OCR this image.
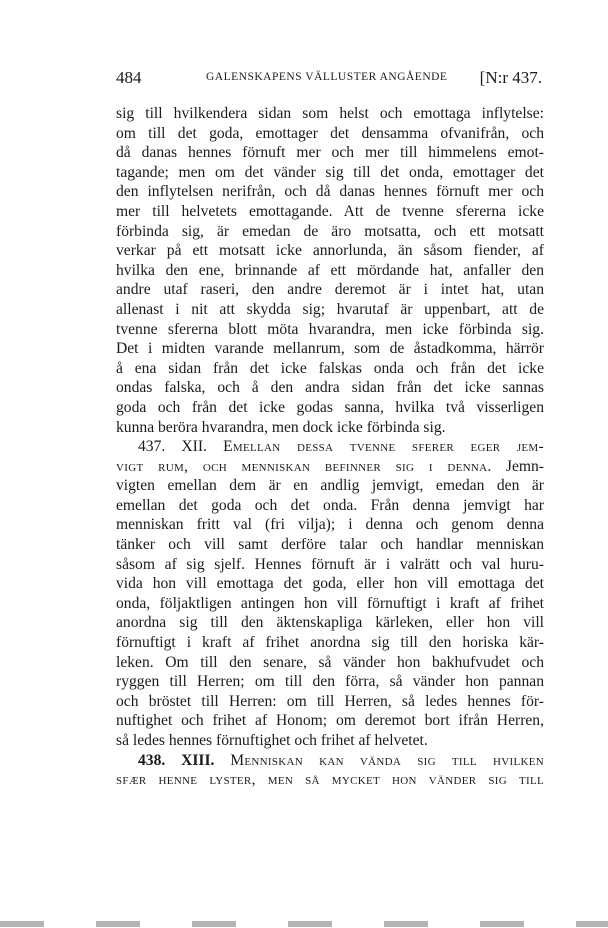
484	GALENSKAPENS VÄLLUSTER ANGÅENDE [N:r 437.
sig till hvilkendera sidan som helst och emottaga inflytelse:
om till det goda, emottager det densamma ofvanifrån, och
då danas hennes förnuft mer och mer till himmelens emot-
tagande; men om det vänder sig till det onda, emottager det
den inflytelsen nerifrån, och då danas hennes förnuft mer och
mer till helvetets emottagande. Att de tvenne sfererna icke
förbinda sig, är emedan de äro motsatta, och ett motsatt
verkar på ett motsatt icke annorlunda, än såsom fiender, af
hvilka den ene, brinnande af ett mördande hat, anfaller den
andre utaf raseri, den andre deremot är i intet hat, utan
allenast i nit att skydda sig; hvarutaf är uppenbart, att de
tvenne sfererna blott möta hvarandra, men icke förbinda sig.
Det i midten varande mellanrum, som de åstadkomma, härrör
å ena sidan från det icke falskas onda och från det icke
ondas falska, och å den andra sidan från det icke sannas
goda och från det icke godas sanna, hvilka två visserligen
kunna beröra hvarandra, men dock icke förbinda sig.
437. XII. Emellan dessa tvenne sferer eger jem-
vigt rum, och menniskan befinner sig i denna. Jemn-
vigten emellan dem är en andlig jemvigt, emedan den är
emellan det goda och det onda. Från denna jemvigt har
menniskan fritt val (fri vilja); i denna och genom denna
tänker och vill samt derföre talar och handlar menniskan
såsom af sig sjelf. Hennes förnuft är i valrätt och val huru-
vida hon vill emottaga det goda, eller hon vill emottaga det
onda, följaktligen antingen hon vill förnuftigt i kraft af frihet
anordna sig till den äktenskapliga kärleken, eller hon vill
förnuftigt i kraft af frihet anordna sig till den horiska kär-
leken. Om till den senare, så vänder hon bakhufvudet och
ryggen till Herren; om till den förra, så vänder hon pannan
och bröstet till Herren: om till Herren, så ledes hennes för-
nuftighet och frihet af Honom; om deremot bort ifrån Herren,
så ledes hennes förnuftighet och frihet af helvetet.
438. XIII. Menniskan kan vända sig till hvilken
sfær henne lyster, men så mycket hon vänder sig till
